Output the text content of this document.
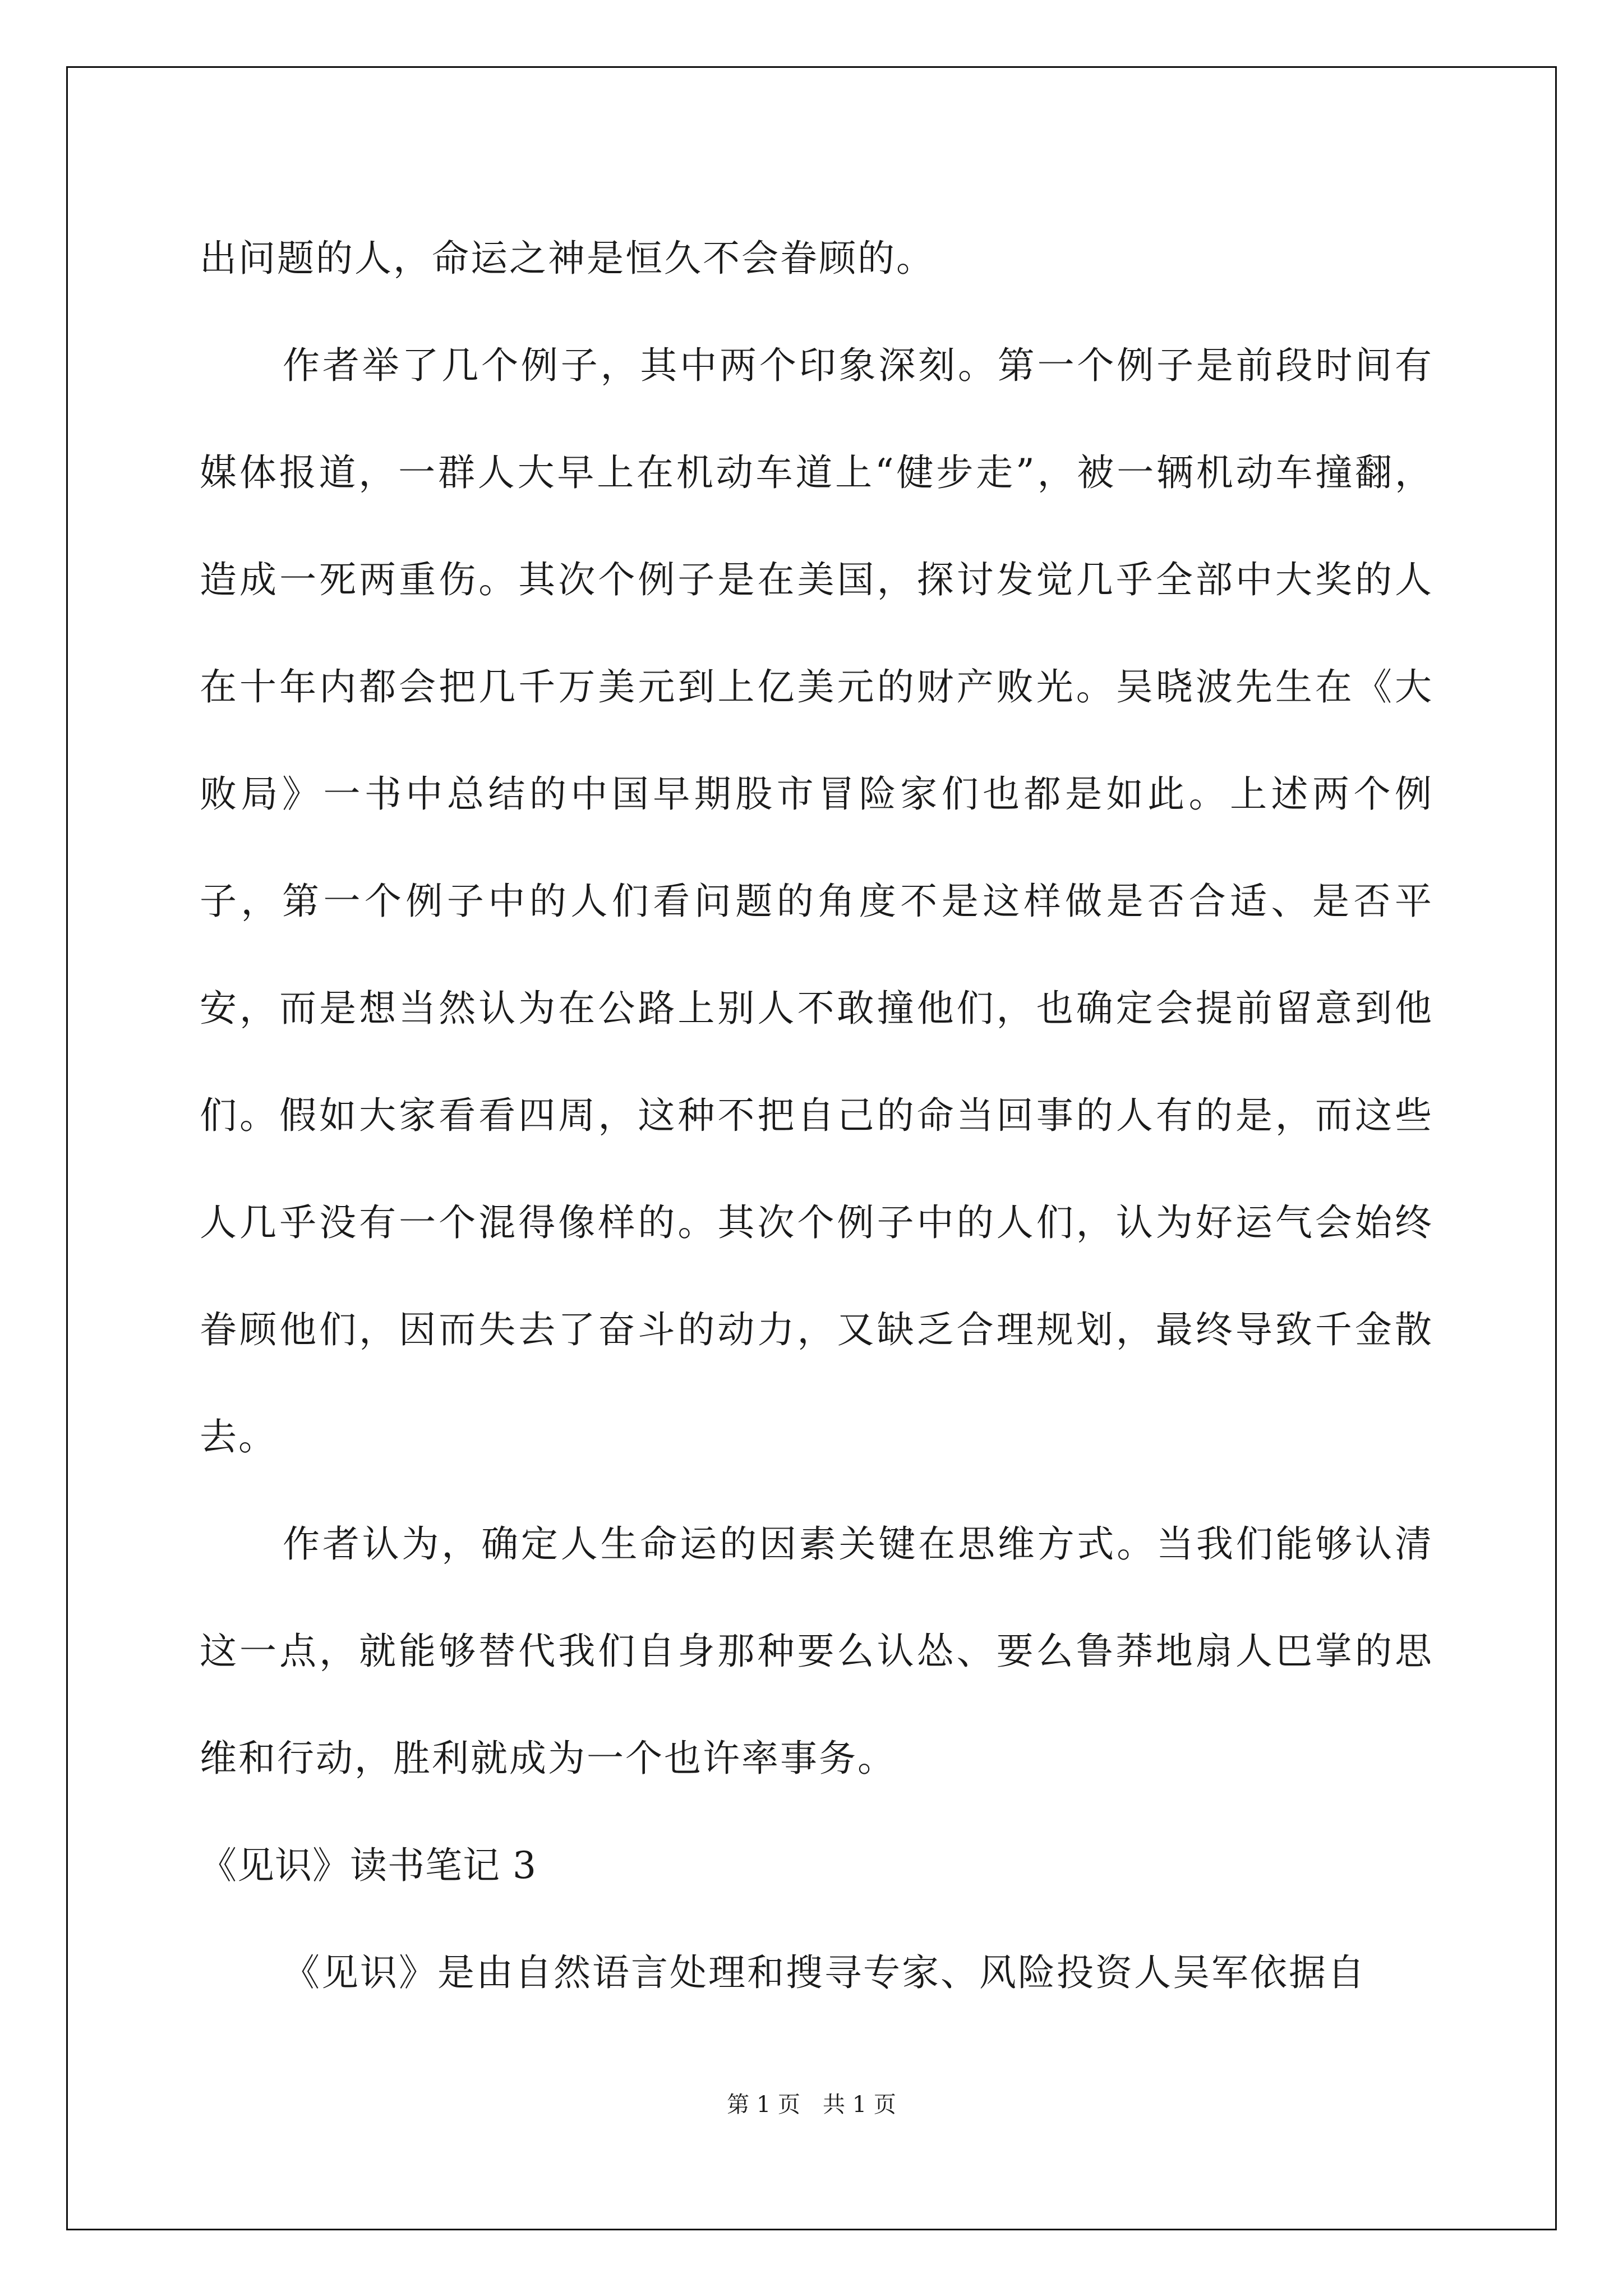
出问题的人，命运之神是恒久不会眷顾的。

作者举了几个例子，其中两个印象深刻。第一个例子是前段时间有媒体报道，一群人大早上在机动车道上“健步走”，被一辆机动车撞翻，造成一死两重伤。其次个例子是在美国，探讨发觉几乎全部中大奖的人在十年内都会把几千万美元到上亿美元的财产败光。吴晓波先生在《大败局》一书中总结的中国早期股市冒险家们也都是如此。上述两个例子，第一个例子中的人们看问题的角度不是这样做是否合适、是否平安，而是想当然认为在公路上别人不敢撞他们，也确定会提前留意到他们。假如大家看看四周，这种不把自己的命当回事的人有的是，而这些人几乎没有一个混得像样的。其次个例子中的人们，认为好运气会始终眷顾他们，因而失去了奋斗的动力，又缺乏合理规划，最终导致千金散去。

作者认为，确定人生命运的因素关键在思维方式。当我们能够认清这一点，就能够替代我们自身那种要么认怂、要么鲁莽地扇人巴掌的思维和行动，胜利就成为一个也许率事务。

《见识》读书笔记 3

《见识》是由自然语言处理和搜寻专家、风险投资人吴军依据自

第 1 页 共 1 页
